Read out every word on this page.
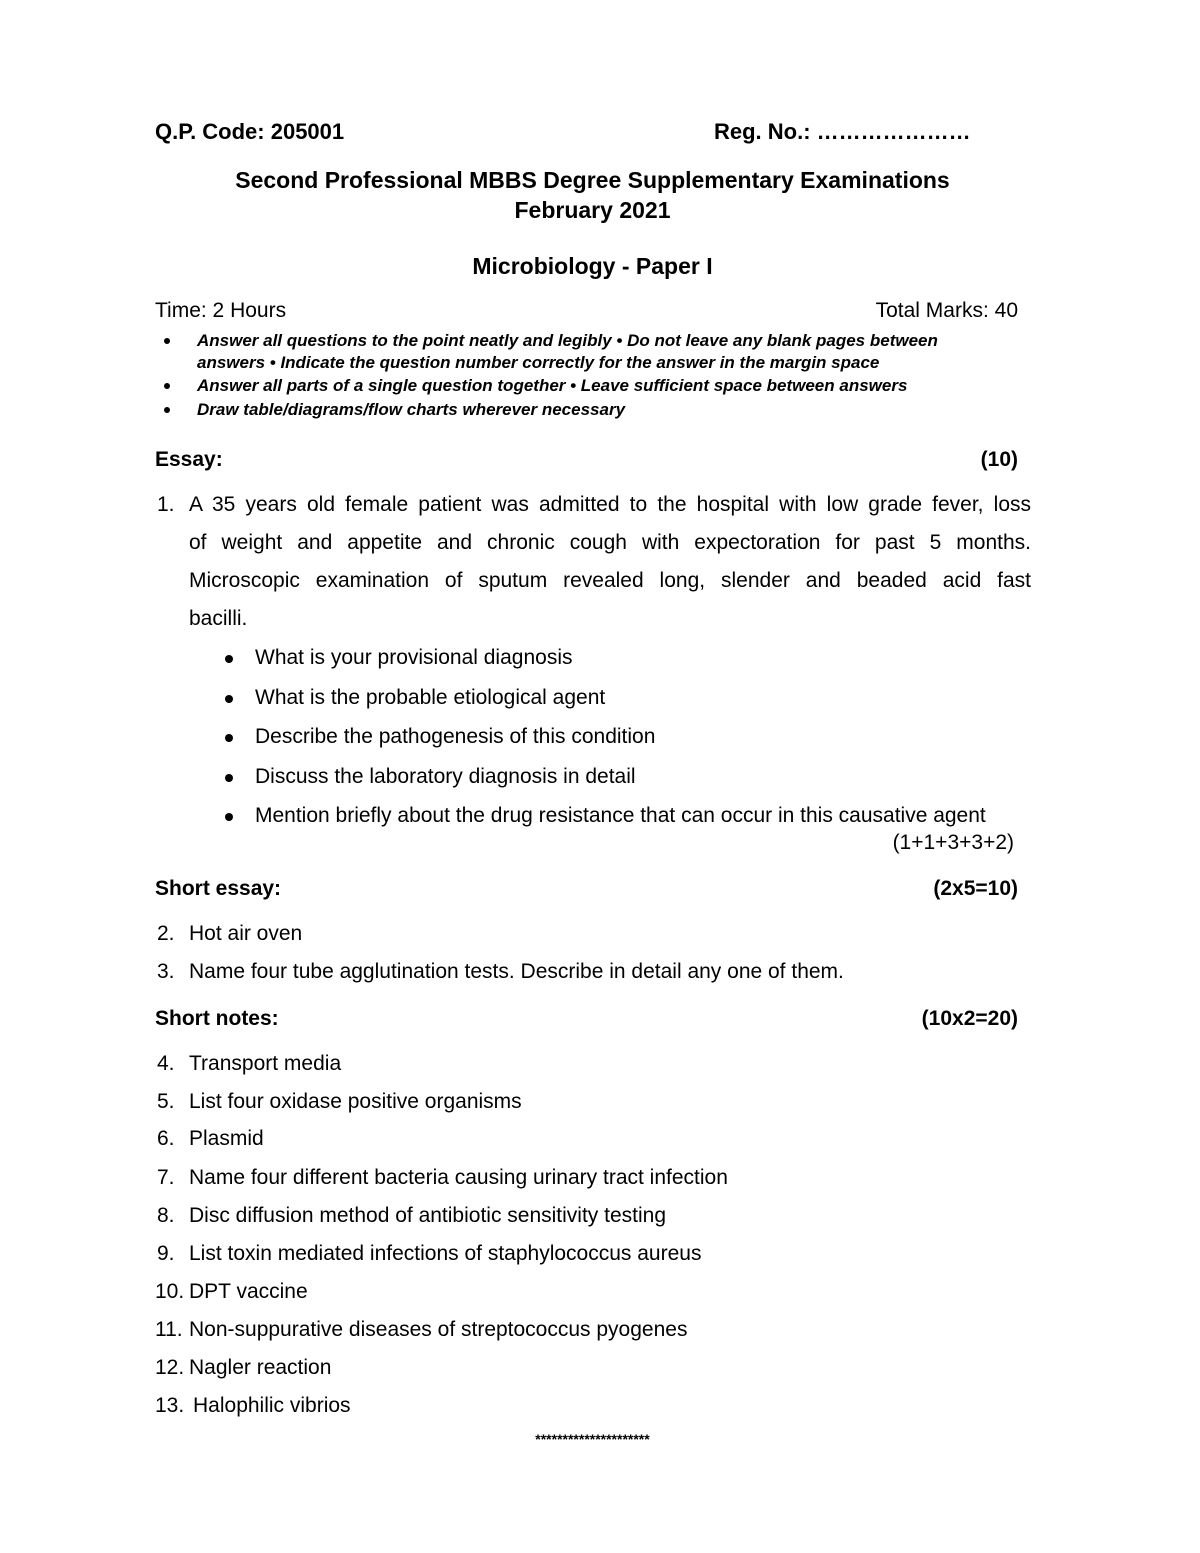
Q.P. Code: 205001	Reg. No.: …………………
Second Professional MBBS Degree Supplementary Examinations
February 2021
Microbiology - Paper I
Time: 2 Hours	Total Marks: 40
Answer all questions to the point neatly and legibly • Do not leave any blank pages between
answers • Indicate the question number correctly for the answer in the margin space
Answer all parts of a single question together • Leave sufficient space between answers
Draw table/diagrams/flow charts wherever necessary
Essay:	(10)
1. A 35 years old female patient was admitted to the hospital with low grade fever, loss
of weight and appetite and chronic cough with expectoration for past 5 months.
Microscopic examination of sputum revealed long, slender and beaded acid fast
bacilli.
What is your provisional diagnosis
What is the probable etiological agent
Describe the pathogenesis of this condition
Discuss the laboratory diagnosis in detail
Mention briefly about the drug resistance that can occur in this causative agent
(1+1+3+3+2)
Short essay:	(2x5=10)
2. Hot air oven
3. Name four tube agglutination tests. Describe in detail any one of them.
Short notes:	(10x2=20)
4. Transport media
5. List four oxidase positive organisms
6. Plasmid
7. Name four different bacteria causing urinary tract infection
8. Disc diffusion method of antibiotic sensitivity testing
9. List toxin mediated infections of staphylococcus aureus
10. DPT vaccine
11. Non-suppurative diseases of streptococcus pyogenes
12. Nagler reaction
13. Halophilic vibrios
*********************
